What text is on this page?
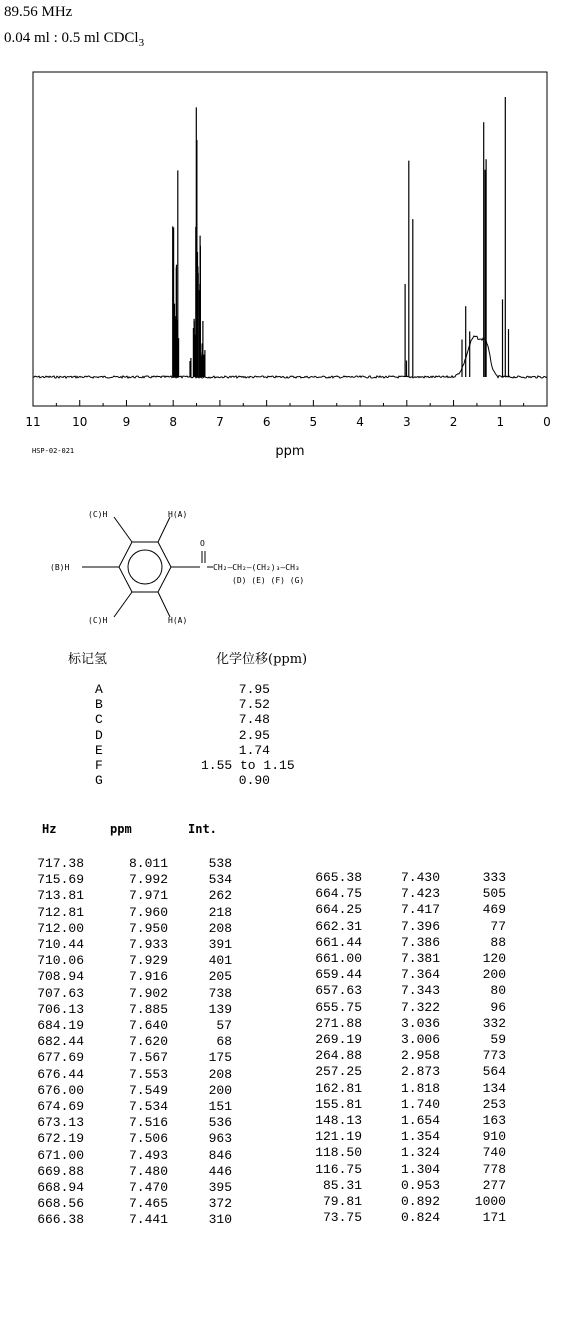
89.56 MHz
0.04 ml : 0.5 ml CDCl$_3$
11	10	9	8	7	6	5	4	3	2	1	0
ppm
HSP-02-021
(C)H	H(A)
(B)H
(C)H	H(A)
O
CH₂—CH₂—(CH₂)₃—CH₃
(D) (E) (F) (G)
标记氢	化学位移(ppm)
A	7.95
B	7.52
C	7.48
D	2.95
E	1.74
F	1.55 to 1.15
G	0.90
Hz	ppm	Int.
717.38	8.011	538
715.69	7.992	534
713.81	7.971	262
712.81	7.960	218
712.00	7.950	208
710.44	7.933	391
710.06	7.929	401
708.94	7.916	205
707.63	7.902	738
706.13	7.885	139
684.19	7.640	57
682.44	7.620	68
677.69	7.567	175
676.44	7.553	208
676.00	7.549	200
674.69	7.534	151
673.13	7.516	536
672.19	7.506	963
671.00	7.493	846
669.88	7.480	446
668.94	7.470	395
668.56	7.465	372
666.38	7.441	310
665.38	7.430	333
664.75	7.423	505
664.25	7.417	469
662.31	7.396	77
661.44	7.386	88
661.00	7.381	120
659.44	7.364	200
657.63	7.343	80
655.75	7.322	96
271.88	3.036	332
269.19	3.006	59
264.88	2.958	773
257.25	2.873	564
162.81	1.818	134
155.81	1.740	253
148.13	1.654	163
121.19	1.354	910
118.50	1.324	740
116.75	1.304	778
85.31	0.953	277
79.81	0.892	1000
73.75	0.824	171
